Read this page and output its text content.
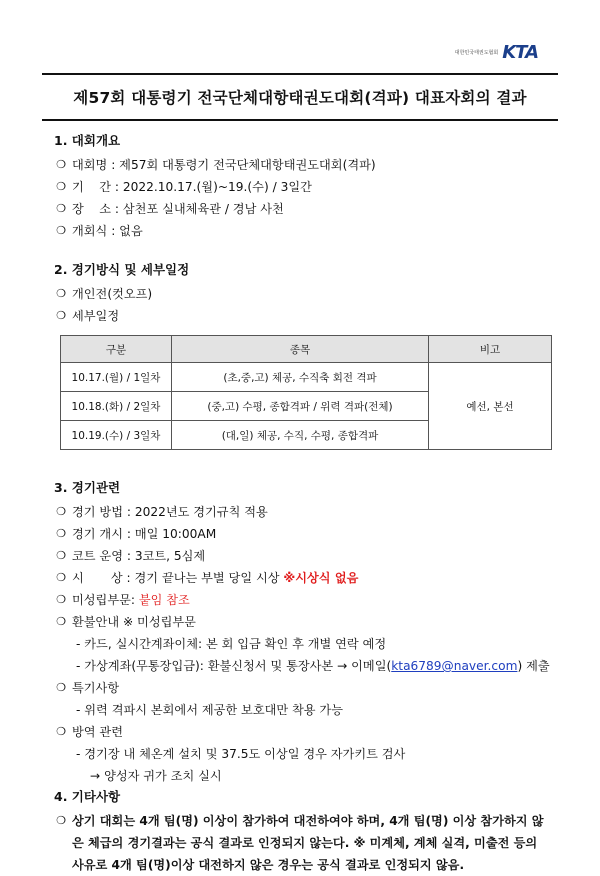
대한민국태권도협회 KTA
제57회 대통령기 전국단체대항태권도대회(격파) 대표자회의 결과
1. 대회개요
❍ 대회명 : 제57회 대통령기 전국단체대항태권도대회(격파)
❍ 기    간 : 2022.10.17.(월)~19.(수) / 3일간
❍ 장    소 : 삼천포 실내체육관 / 경남 사천
❍ 개회식 : 없음
2. 경기방식 및 세부일정
❍ 개인전(컷오프)
❍ 세부일정
구분	종목	비고
10.17.(월) / 1일차	(초,중,고) 체공, 수직축 회전 격파	예선, 본선
10.18.(화) / 2일차	(중,고) 수평, 종합격파 / 위력 격파(전체)	
10.19.(수) / 3일차	(대,일) 체공, 수직, 수평, 종합격파	
3. 경기관련
❍ 경기 방법 : 2022년도 경기규칙 적용
❍ 경기 개시 : 매일 10:00AM
❍ 코트 운영 : 3코트, 5심제
❍ 시       상 : 경기 끝나는 부별 당일 시상 ※시상식 없음
❍ 미성립부문: 붙임 참조
❍ 환불안내 ※ 미성립부문
- 카드, 실시간계좌이체: 본 회 입금 확인 후 개별 연락 예정
- 가상계좌(무통장입금): 환불신청서 및 통장사본 → 이메일(kta6789@naver.com) 제출
❍ 특기사항
- 위력 격파시 본회에서 제공한 보호대만 착용 가능
❍ 방역 관련
- 경기장 내 체온계 설치 및 37.5도 이상일 경우 자가키트 검사
→ 양성자 귀가 조치 실시
4. 기타사항
❍ 상기 대회는 4개 팀(명) 이상이 참가하여 대전하여야 하며, 4개 팀(명) 이상 참가하지 않은 체급의 경기결과는 공식 결과로 인정되지 않는다. ※ 미계체, 계체 실격, 미출전 등의 사유로 4개 팀(명)이상 대전하지 않은 경우는 공식 결과로 인정되지 않음.
